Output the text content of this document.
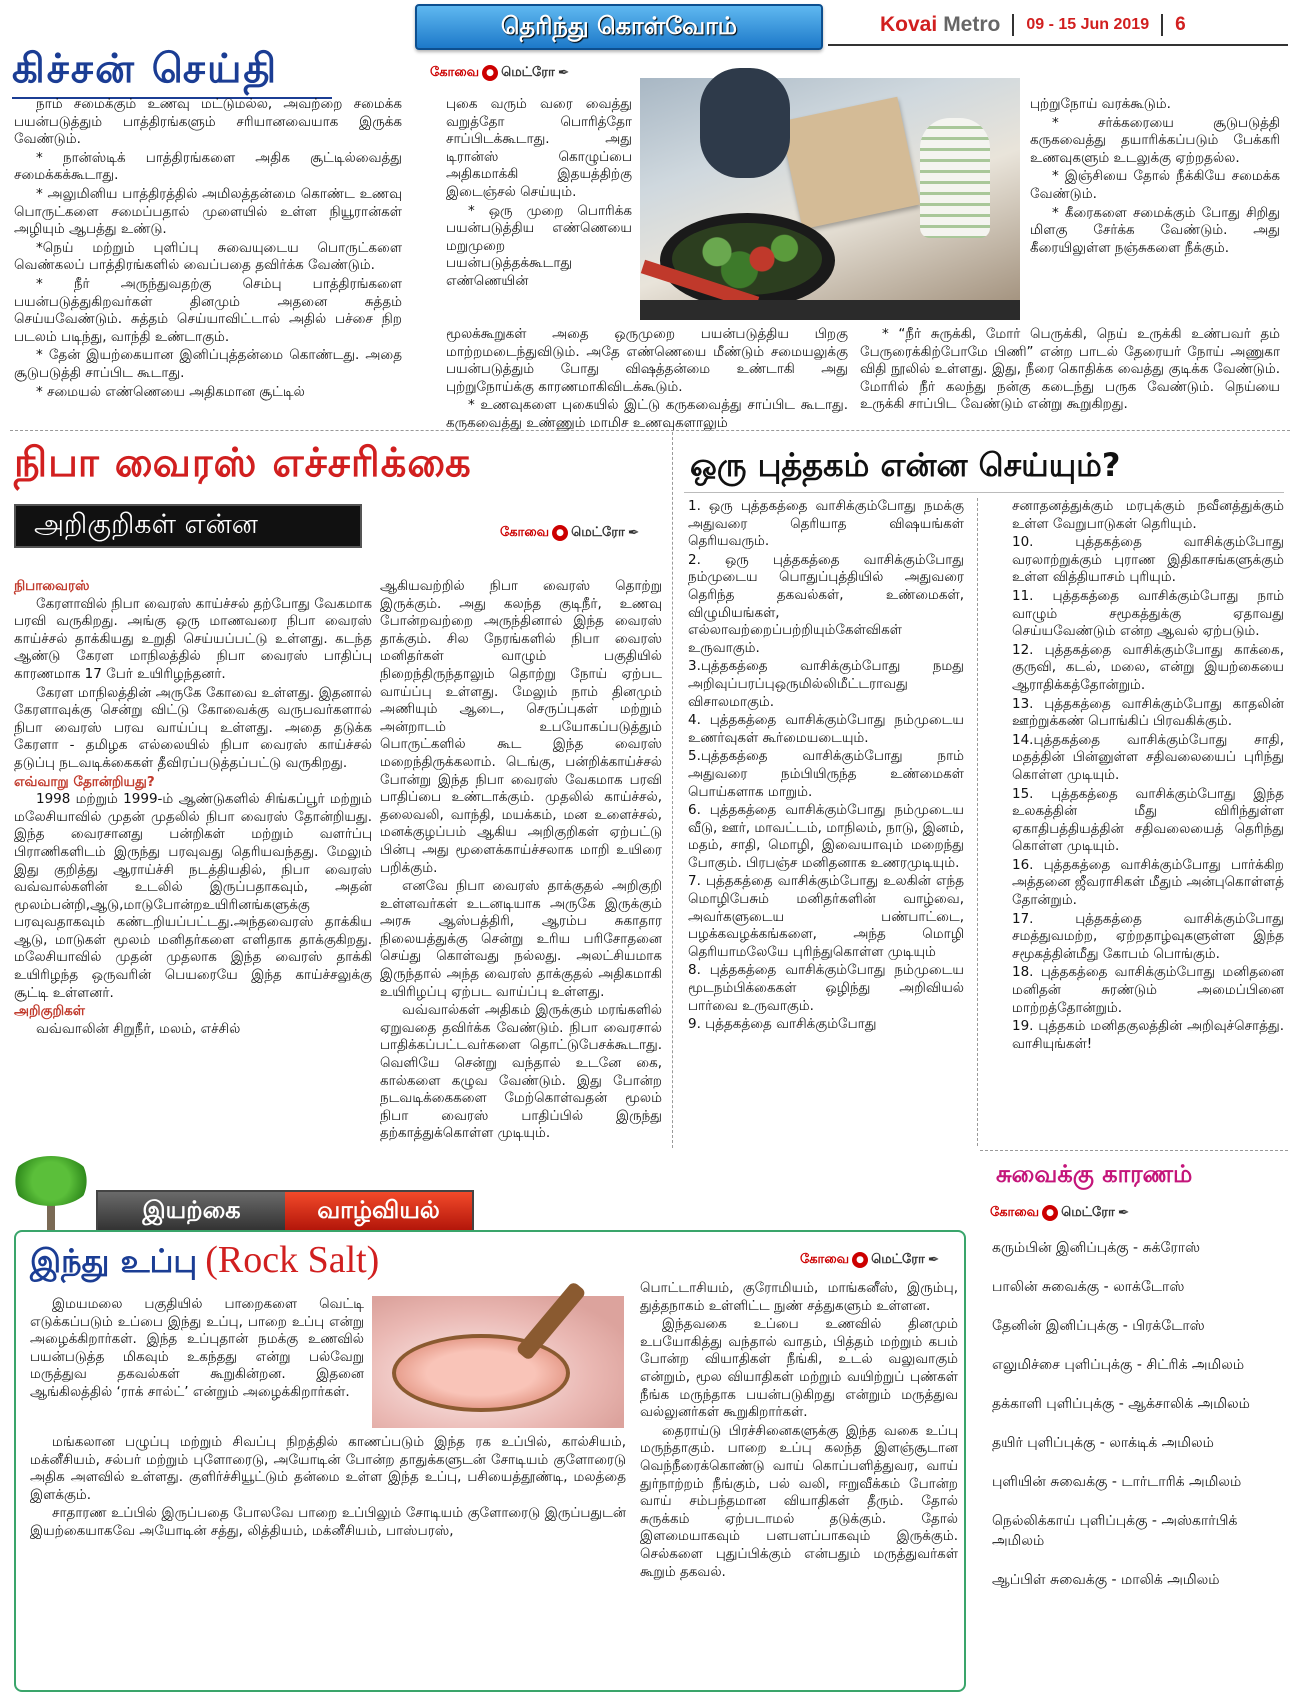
தெரிந்து கொள்வோம்	Kovai Metro 09 - 15 Jun 2019 6
கிச்சன் செய்தி	கோவை ● மெட்ரோ ✒

நாம் சமைக்கும் உணவு மட்டுமல்ல, அவற்றை சமைக்க பயன்படுத்தும் பாத்திரங்களும் சரியானவையாக இருக்க வேண்டும்.

* நான்ஸ்டிக் பாத்திரங்களை அதிக சூட்டில்வைத்து சமைக்கக்கூடாது.

* அலுமினிய பாத்திரத்தில் அமிலத்தன்மை கொண்ட உணவு பொருட்களை சமைப்பதால் முளையில் உள்ள நியூரான்கள் அழியும் ஆபத்து உண்டு.

*நெய் மற்றும் புளிப்பு சுவையுடைய பொருட்களை வெண்கலப் பாத்திரங்களில் வைப்பதை தவிர்க்க வேண்டும்.

* நீர் அருந்துவதற்கு செம்பு பாத்திரங்களை பயன்படுத்துகிறவர்கள் தினமும் அதனை சுத்தம் செய்யவேண்டும். சுத்தம் செய்யாவிட்டால் அதில் பச்சை நிற படலம் படிந்து, வாந்தி உண்டாகும்.

* தேன் இயற்கையான இனிப்புத்தன்மை கொண்டது. அதை சூடுபடுத்தி சாப்பிட கூடாது.

* சமையல் எண்ணெயை அதிகமான சூட்டில்

புகை வரும் வரை வைத்து வறுத்தோ பொரித்தோ சாப்பிடக்கூடாது. அது டிரான்ஸ் கொழுப்பை அதிகமாக்கி இதயத்திற்கு இடைஞ்சல் செய்யும்.

* ஒரு முறை பொரிக்க பயன்படுத்திய எண்ணெயை மறுமுறை பயன்படுத்தக்கூடாது எண்ணெயின்

மூலக்கூறுகள் அதை ஒருமுறை பயன்படுத்திய பிறகு மாற்றமடைந்துவிடும். அதே எண்ணெயை மீண்டும் சமையலுக்கு பயன்படுத்தும் போது விஷத்தன்மை உண்டாகி அது புற்றுநோய்க்கு காரணமாகிவிடக்கூடும்.

* உணவுகளை புகையில் இட்டு கருகவைத்து சாப்பிட கூடாது. கருகவைத்து உண்ணும் மாமிச உணவுகளாலும்

புற்றுநோய் வரக்கூடும்.

* சர்க்கரையை சூடுபடுத்தி கருகவைத்து தயாரிக்கப்படும் பேக்கரி உணவுகளும் உடலுக்கு ஏற்றதல்ல.

* இஞ்சியை தோல் நீக்கியே சமைக்க வேண்டும்.

* கீரைகளை சமைக்கும் போது சிறிது மிளகு சேர்க்க வேண்டும். அது கீரையிலுள்ள நஞ்சுகளை நீக்கும்.

* “நீர் சுருக்கி, மோர் பெருக்கி, நெய் உருக்கி உண்பவர் தம் பேருரைக்கிற்போமே பிணி” என்ற பாடல் தேரையர் நோய் அணுகா விதி நூலில் உள்ளது. இது, நீரை கொதிக்க வைத்து குடிக்க வேண்டும். மோரில் நீர் கலந்து நன்கு கடைந்து பருக வேண்டும். நெய்யை உருக்கி சாப்பிட வேண்டும் என்று கூறுகிறது.

நிபா வைரஸ் எச்சரிக்கை
அறிகுறிகள் என்ன	கோவை ● மெட்ரோ ✒
நிபாவைரஸ்

கேரளாவில் நிபா வைரஸ் காய்ச்சல் தற்போது வேகமாக பரவி வருகிறது. அங்கு ஒரு மாணவரை நிபா வைரஸ் காய்ச்சல் தாக்கியது உறுதி செய்யப்பட்டு உள்ளது. கடந்த ஆண்டு கேரள மாநிலத்தில் நிபா வைரஸ் பாதிப்பு காரணமாக 17 பேர் உயிரிழந்தனர்.

கேரள மாநிலத்தின் அருகே கோவை உள்ளது. இதனால் கேரளாவுக்கு சென்று விட்டு கோவைக்கு வருபவர்களால் நிபா வைரஸ் பரவ வாய்ப்பு உள்ளது. அதை தடுக்க கேரளா - தமிழக எல்லையில் நிபா வைரஸ் காய்ச்சல் தடுப்பு நடவடிக்கைகள் தீவிரப்படுத்தப்பட்டு வருகிறது.

எவ்வாறு தோன்றியது?

1998 மற்றும் 1999-ம் ஆண்டுகளில் சிங்கப்பூர் மற்றும் மலேசியாவில் முதன் முதலில் நிபா வைரஸ் தோன்றியது. இந்த வைரசானது பன்றிகள் மற்றும் வளர்ப்பு பிராணிகளிடம் இருந்து பரவுவது தெரியவந்தது. மேலும் இது குறித்து ஆராய்ச்சி நடத்தியதில், நிபா வைரஸ் வவ்வால்களின் உடலில் இருப்பதாகவும், அதன் மூலம்பன்றி,ஆடு,மாடுபோன்றஉயிரினங்களுக்கு பரவுவதாகவும் கண்டறியப்பட்டது.அந்தவைரஸ் தாக்கிய ஆடு, மாடுகள் மூலம் மனிதர்களை எளிதாக தாக்குகிறது. மலேசியாவில் முதன் முதலாக இந்த வைரஸ் தாக்கி உயிரிழந்த ஒருவரின் பெயரையே இந்த காய்ச்சலுக்கு சூட்டி உள்ளனர்.

அறிகுறிகள்

வவ்வாலின் சிறுநீர், மலம், எச்சில்

ஆகியவற்றில் நிபா வைரஸ் தொற்று இருக்கும். அது கலந்த குடிநீர், உணவு போன்றவற்றை அருந்தினால் இந்த வைரஸ் தாக்கும். சில நேரங்களில் நிபா வைரஸ் மனிதர்கள் வாழும் பகுதியில் நிறைந்திருந்தாலும் தொற்று நோய் ஏற்பட வாய்ப்பு உள்ளது. மேலும் நாம் தினமும் அணியும் ஆடை, செருப்புகள் மற்றும் அன்றாடம் உபயோகப்படுத்தும் பொருட்களில் கூட இந்த வைரஸ் மறைந்திருக்கலாம். டெங்கு, பன்றிக்காய்ச்சல் போன்று இந்த நிபா வைரஸ் வேகமாக பரவி பாதிப்பை உண்டாக்கும். முதலில் காய்ச்சல், தலைவலி, வாந்தி, மயக்கம், மன உளைச்சல், மனக்குழப்பம் ஆகிய அறிகுறிகள் ஏற்பட்டு பின்பு அது மூளைக்காய்ச்சலாக மாறி உயிரை பறிக்கும்.

எனவே நிபா வைரஸ் தாக்குதல் அறிகுறி உள்ளவர்கள் உடனடியாக அருகே இருக்கும் அரசு ஆஸ்பத்திரி, ஆரம்ப சுகாதார நிலையத்துக்கு சென்று உரிய பரிசோதனை செய்து கொள்வது நல்லது. அலட்சியமாக இருந்தால் அந்த வைரஸ் தாக்குதல் அதிகமாகி உயிரிழப்பு ஏற்பட வாய்ப்பு உள்ளது.

வவ்வால்கள் அதிகம் இருக்கும் மரங்களில் ஏறுவதை தவிர்க்க வேண்டும். நிபா வைரசால் பாதிக்கப்பட்டவர்களை தொட்டுபேசக்கூடாது. வெளியே சென்று வந்தால் உடனே கை, கால்களை கழுவ வேண்டும். இது போன்ற நடவடிக்கைகளை மேற்கொள்வதன் மூலம் நிபா வைரஸ் பாதிப்பில் இருந்து தற்காத்துக்கொள்ள முடியும்.

ஒரு புத்தகம் என்ன செய்யும்?

1. ஒரு புத்தகத்தை வாசிக்கும்போது நமக்கு அதுவரை தெரியாத விஷயங்கள் தெரியவரும்.

2. ஒரு புத்தகத்தை வாசிக்கும்போது நம்முடைய பொதுப்புத்தியில் அதுவரை தெரிந்த தகவல்கள், உண்மைகள், விழுமியங்கள், எல்லாவற்றைப்பற்றியும்கேள்விகள் உருவாகும்.

3.புத்தகத்தை வாசிக்கும்போது நமது அறிவுப்பரப்புஒருமில்லிமீட்டராவது விசாலமாகும்.

4. புத்தகத்தை வாசிக்கும்போது நம்முடைய உணர்வுகள் கூர்மையடையும்.

5.புத்தகத்தை வாசிக்கும்போது நாம் அதுவரை நம்பியிருந்த உண்மைகள் பொய்களாக மாறும்.

6. புத்தகத்தை வாசிக்கும்போது நம்முடைய வீடு, ஊர், மாவட்டம், மாநிலம், நாடு, இனம், மதம், சாதி, மொழி, இவையாவும் மறைந்து போகும். பிரபஞ்ச மனிதனாக உணரமுடியும்.

7. புத்தகத்தை வாசிக்கும்போது உலகின் எந்த மொழிபேசும் மனிதர்களின் வாழ்வை, அவர்களுடைய பண்பாட்டை, பழக்கவழக்கங்களை, அந்த மொழி தெரியாமலேயே புரிந்துகொள்ள முடியும்

8. புத்தகத்தை வாசிக்கும்போது நம்முடைய மூடநம்பிக்கைகள் ஒழிந்து அறிவியல் பார்வை உருவாகும்.

9. புத்தகத்தை வாசிக்கும்போது

சனாதனத்துக்கும் மரபுக்கும் நவீனத்துக்கும் உள்ள வேறுபாடுகள் தெரியும்.

10. புத்தகத்தை வாசிக்கும்போது வரலாற்றுக்கும் புராண இதிகாசங்களுக்கும் உள்ள வித்தியாசம் புரியும்.

11. புத்தகத்தை வாசிக்கும்போது நாம் வாழும் சமூகத்துக்கு ஏதாவது செய்யவேண்டும் என்ற ஆவல் ஏற்படும்.

12. புத்தகத்தை வாசிக்கும்போது காக்கை, குருவி, கடல், மலை, என்று இயற்கையை ஆராதிக்கத்தோன்றும்.

13. புத்தகத்தை வாசிக்கும்போது காதலின் ஊற்றுக்கண் பொங்கிப் பிரவகிக்கும்.

14.புத்தகத்தை வாசிக்கும்போது சாதி, மதத்தின் பின்னுள்ள சதிவலையைப் புரிந்து கொள்ள முடியும்.

15. புத்தகத்தை வாசிக்கும்போது இந்த உலகத்தின் மீது விரிந்துள்ள ஏகாதிபத்தியத்தின் சதிவலையைத் தெரிந்து கொள்ள முடியும்.

16. புத்தகத்தை வாசிக்கும்போது பார்க்கிற அத்தனை ஜீவராசிகள் மீதும் அன்புகொள்ளத் தோன்றும்.

17. புத்தகத்தை வாசிக்கும்போது சமத்துவமற்ற, ஏற்றதாழ்வுகளுள்ள இந்த சமூகத்தின்மீது கோபம் பொங்கும்.

18. புத்தகத்தை வாசிக்கும்போது மனிதனை மனிதன் சுரண்டும் அமைப்பினை மாற்றத்தோன்றும்.

19. புத்தகம் மனிதகுலத்தின் அறிவுச்சொத்து. வாசியுங்கள்!

இயற்கை	வாழ்வியல்
இந்து உப்பு (Rock Salt)	கோவை ● மெட்ரோ ✒

இமயமலை பகுதியில் பாறைகளை வெட்டி எடுக்கப்படும் உப்பை இந்து உப்பு, பாறை உப்பு என்று அழைக்கிறார்கள். இந்த உப்புதான் நமக்கு உணவில் பயன்படுத்த மிகவும் உகந்தது என்று பல்வேறு மருத்துவ தகவல்கள் கூறுகின்றன. இதனை ஆங்கிலத்தில் ‘ராக் சால்ட்’ என்றும் அழைக்கிறார்கள்.

மங்கலான பழுப்பு மற்றும் சிவப்பு நிறத்தில் காணப்படும் இந்த ரக உப்பில், கால்சியம், மக்னீசியம், சல்பர் மற்றும் புளோரைடு, அயோடின் போன்ற தாதுக்களுடன் சோடியம் குளோரைடு அதிக அளவில் உள்ளது. குளிர்ச்சியூட்டும் தன்மை உள்ள இந்த உப்பு, பசியைத்தூண்டி, மலத்தை இளக்கும்.

சாதாரண உப்பில் இருப்பதை போலவே பாறை உப்பிலும் சோடியம் குளோரைடு இருப்பதுடன் இயற்கையாகவே அயோடின் சத்து, லித்தியம், மக்னீசியம், பாஸ்பரஸ்,

பொட்டாசியம், குரோமியம், மாங்கனீஸ், இரும்பு, துத்தநாகம் உள்ளிட்ட நுண் சத்துகளும் உள்ளன.

இந்தவகை உப்பை உணவில் தினமும் உபயோகித்து வந்தால் வாதம், பித்தம் மற்றும் கபம் போன்ற வியாதிகள் நீங்கி, உடல் வலுவாகும் என்றும், மூல வியாதிகள் மற்றும் வயிற்றுப் புண்கள் நீங்க மருந்தாக பயன்படுகிறது என்றும் மருத்துவ வல்லுனர்கள் கூறுகிறார்கள்.

தைராய்டு பிரச்சினைகளுக்கு இந்த வகை உப்பு மருந்தாகும். பாறை உப்பு கலந்த இளஞ்சூடான வெந்நீரைக்கொண்டு வாய் கொப்பளித்துவர, வாய் துர்நாற்றம் நீங்கும், பல் வலி, ஈறுவீக்கம் போன்ற வாய் சம்பந்தமான வியாதிகள் தீரும். தோல் சுருக்கம் ஏற்படாமல் தடுக்கும். தோல் இளமையாகவும் பளபளப்பாகவும் இருக்கும். செல்களை புதுப்பிக்கும் என்பதும் மருத்துவர்கள் கூறும் தகவல்.

சுவைக்கு காரணம்
கோவை ● மெட்ரோ ✒
கரும்பின் இனிப்புக்கு - சுக்ரோஸ்
பாலின் சுவைக்கு - லாக்டோஸ்
தேனின் இனிப்புக்கு - பிரக்டோஸ்
எலுமிச்சை புளிப்புக்கு - சிட்ரிக் அமிலம்
தக்காளி புளிப்புக்கு - ஆக்சாலிக் அமிலம்
தயிர் புளிப்புக்கு - லாக்டிக் அமிலம்
புளியின் சுவைக்கு - டார்டாரிக் அமிலம்
நெல்லிக்காய் புளிப்புக்கு - அஸ்கார்பிக் அமிலம்
ஆப்பிள் சுவைக்கு - மாலிக் அமிலம்
